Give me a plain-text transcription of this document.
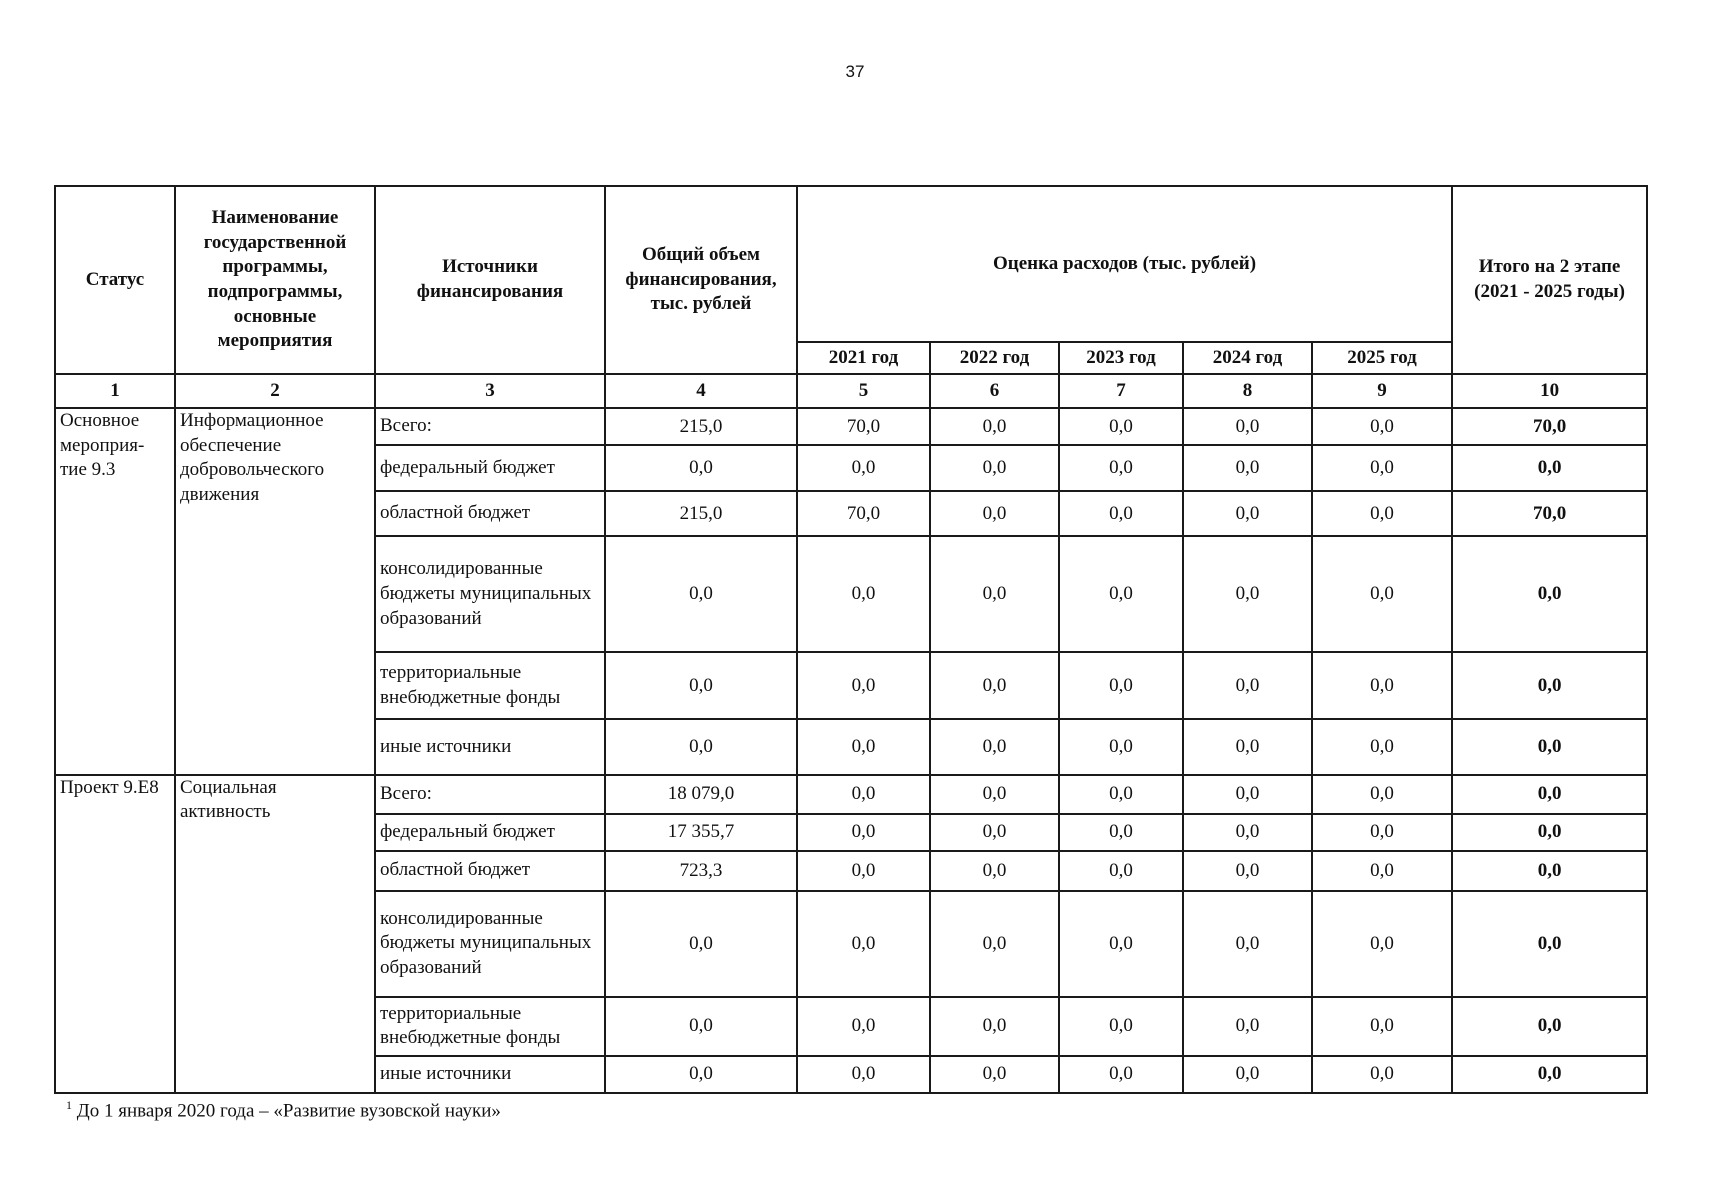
37
Статус	Наименование государственной программы, подпрограммы, основные мероприятия	Источники финансирования	Общий объем финансирования, тыс. рублей	Оценка расходов (тыс. рублей)					Итого на 2 этапе (2021 - 2025 годы)
				2021 год	2022 год	2023 год	2024 год	2025 год	
1	2	3	4	5	6	7	8	9	10
Основное мероприя-тие 9.3	Информационное обеспечение добровольческого движения	Всего:	215,0	70,0	0,0	0,0	0,0	0,0	70,0
		федеральный бюджет	0,0	0,0	0,0	0,0	0,0	0,0	0,0
		областной бюджет	215,0	70,0	0,0	0,0	0,0	0,0	70,0
		консолидированные бюджеты муниципальных образований	0,0	0,0	0,0	0,0	0,0	0,0	0,0
		территориальные внебюджетные фонды	0,0	0,0	0,0	0,0	0,0	0,0	0,0
		иные источники	0,0	0,0	0,0	0,0	0,0	0,0	0,0
Проект 9.E8	Социальная активность	Всего:	18 079,0	0,0	0,0	0,0	0,0	0,0	0,0
		федеральный бюджет	17 355,7	0,0	0,0	0,0	0,0	0,0	0,0
		областной бюджет	723,3	0,0	0,0	0,0	0,0	0,0	0,0
		консолидированные бюджеты муниципальных образований	0,0	0,0	0,0	0,0	0,0	0,0	0,0
		территориальные внебюджетные фонды	0,0	0,0	0,0	0,0	0,0	0,0	0,0
		иные источники	0,0	0,0	0,0	0,0	0,0	0,0	0,0
$^1$ До 1 января 2020 года – «Развитие вузовской науки»
